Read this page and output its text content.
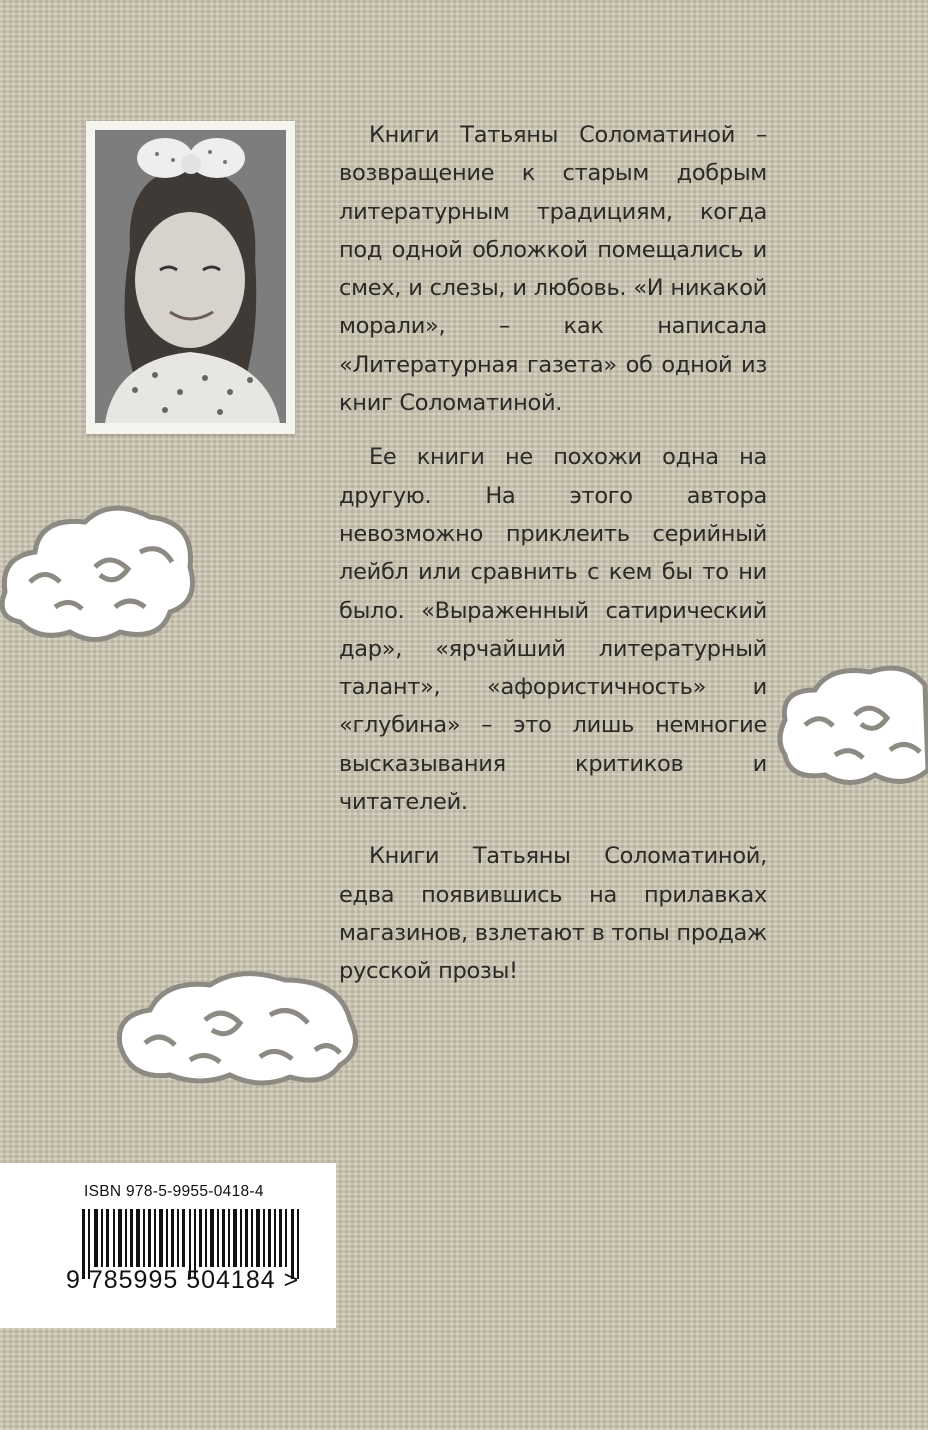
Книги Татьяны Соломатиной – возвращение к старым добрым литературным традициям, когда под одной обложкой помещались и смех, и слезы, и любовь. «И никакой морали», – как написала «Литературная газета» об одной из книг Соломатиной.

Ее книги не похожи одна на другую. На этого автора невозможно приклеить серийный лейбл или сравнить с кем бы то ни было. «Выраженный сатирический дар», «ярчайший литературный талант», «афористичность» и «глубина» – это лишь немногие высказывания критиков и читателей.

Книги Татьяны Соломатиной, едва появившись на прилавках магазинов, взлетают в топы продаж русской прозы!

ISBN 978-5-9955-0418-4
9 785995 504184 >
